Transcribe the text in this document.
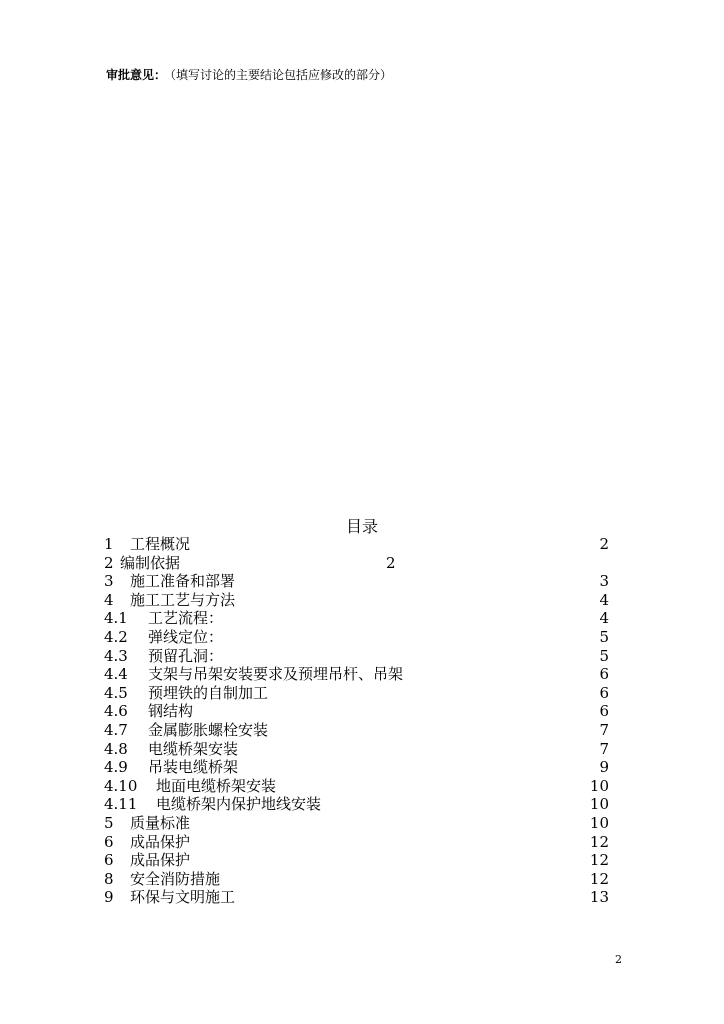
审批意见： （填写讨论的主要结论包括应修改的部分）
目录
1 工程概况	2
2 编制依据	2
3 施工准备和部署	3
4 施工工艺与方法	4
4.1 工艺流程：	4
4.2 弹线定位：	5
4.3 预留孔洞：	5
4.4 支架与吊架安装要求及预埋吊杆、吊架	6
4.5 预埋铁的自制加工	6
4.6 钢结构	6
4.7 金属膨胀螺栓安装	7
4.8 电缆桥架安装	7
4.9 吊装电缆桥架	9
4.10 地面电缆桥架安装	10
4.11 电缆桥架内保护地线安装	10
5 质量标准	10
6 成品保护	12
6 成品保护	12
8 安全消防措施	12
9 环保与文明施工	13
2
